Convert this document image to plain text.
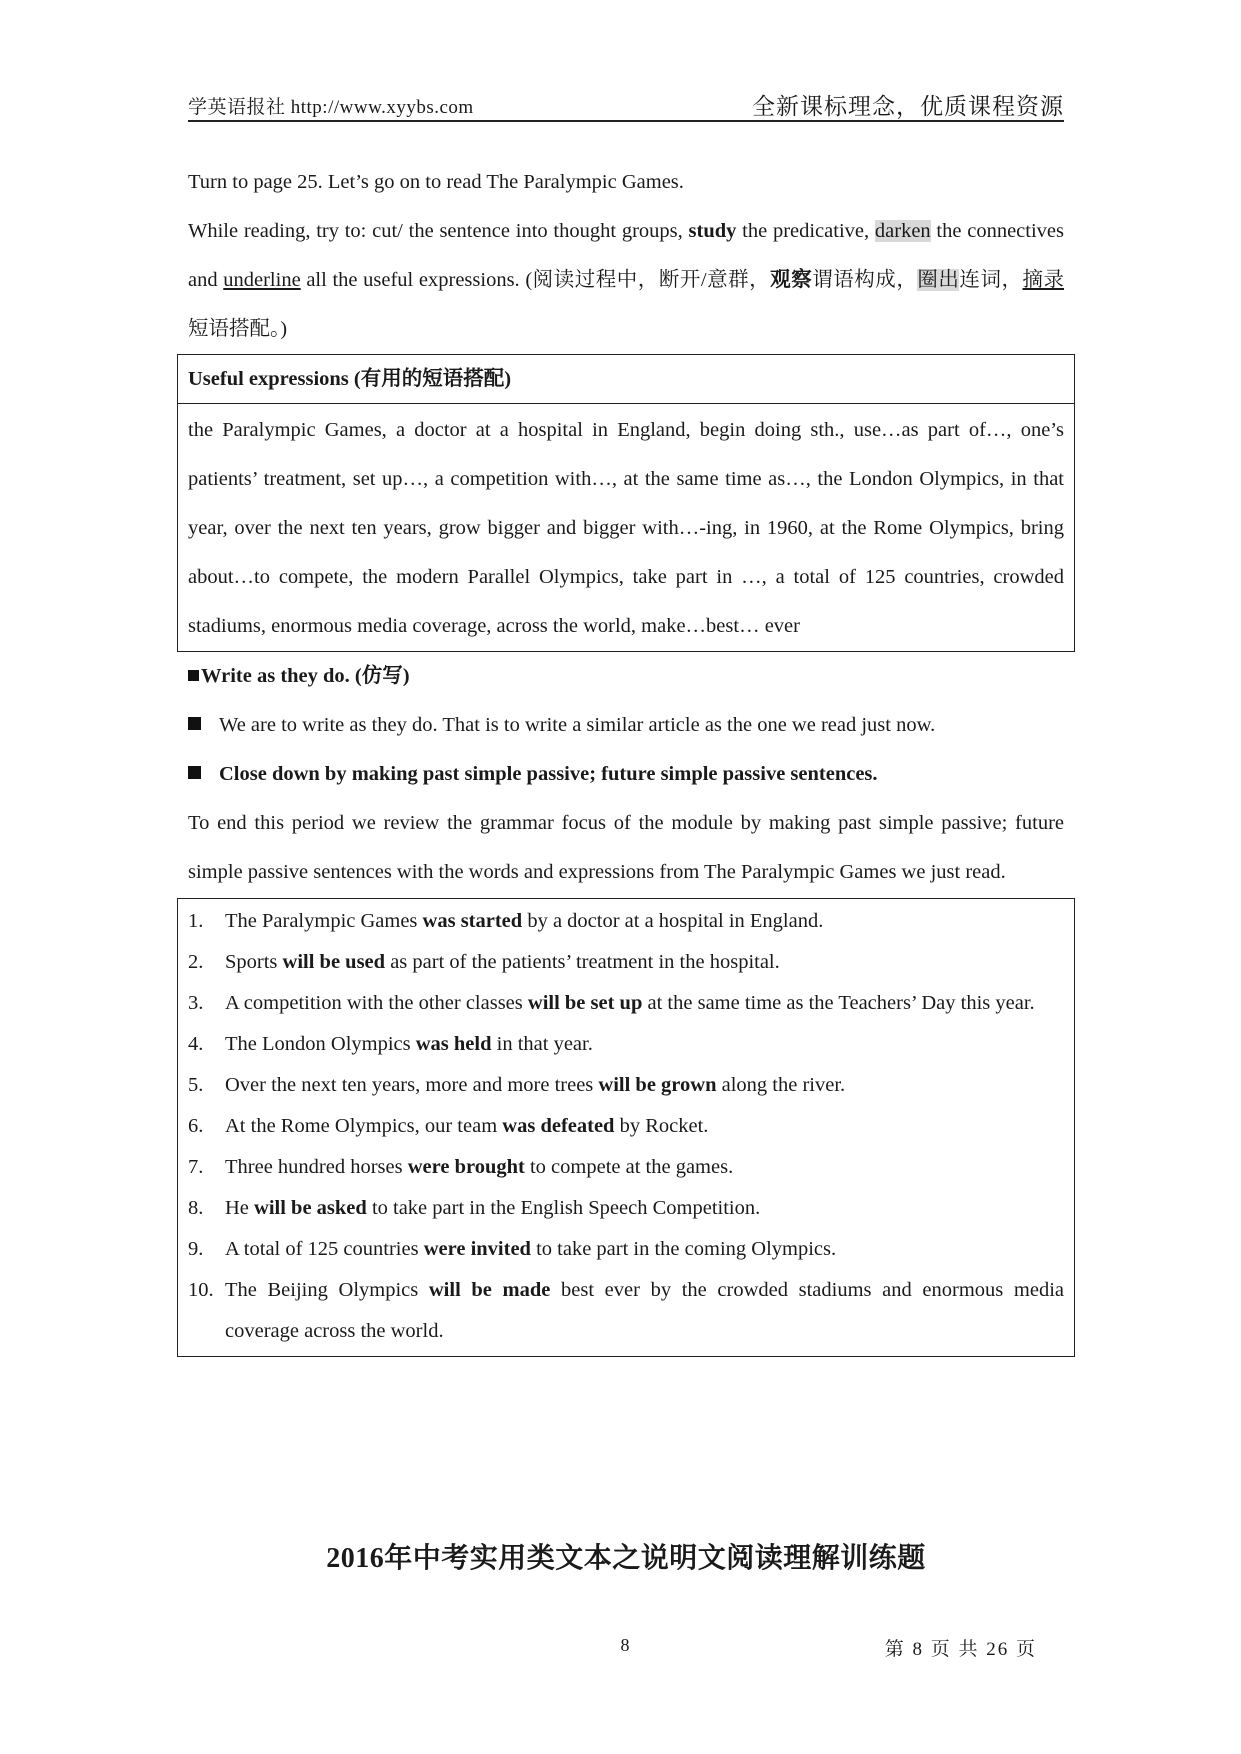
学英语报社 http://www.xyybs.com	全新课标理念，优质课程资源
Turn to page 25. Let’s go on to read The Paralympic Games.
While reading, try to: cut/ the sentence into thought groups, study the predicative, darken the connectives and underline all the useful expressions. (阅读过程中，断开/意群，观察谓语构成，圈出连词，摘录短语搭配。)
Useful expressions (有用的短语搭配)
the Paralympic Games, a doctor at a hospital in England, begin doing sth., use…as part of…, one’s patients’ treatment, set up…, a competition with…, at the same time as…, the London Olympics, in that year, over the next ten years, grow bigger and bigger with…-ing, in 1960, at the Rome Olympics, bring about…to compete, the modern Parallel Olympics, take part in …, a total of 125 countries, crowded stadiums, enormous media coverage, across the world, make…best… ever
Write as they do. (仿写)
We are to write as they do. That is to write a similar article as the one we read just now.
Close down by making past simple passive; future simple passive sentences.
To end this period we review the grammar focus of the module by making past simple passive; future simple passive sentences with the words and expressions from The Paralympic Games we just read.
1.	The Paralympic Games was started by a doctor at a hospital in England.
2.	Sports will be used as part of the patients’ treatment in the hospital.
3.	A competition with the other classes will be set up at the same time as the Teachers’ Day this year.
4.	The London Olympics was held in that year.
5.	Over the next ten years, more and more trees will be grown along the river.
6.	At the Rome Olympics, our team was defeated by Rocket.
7.	Three hundred horses were brought to compete at the games.
8.	He will be asked to take part in the English Speech Competition.
9.	A total of 125 countries were invited to take part in the coming Olympics.
10. The Beijing Olympics will be made best ever by the crowded stadiums and enormous media coverage across the world.
2016年中考实用类文本之说明文阅读理解训练题
8	第 8 页 共 26 页
